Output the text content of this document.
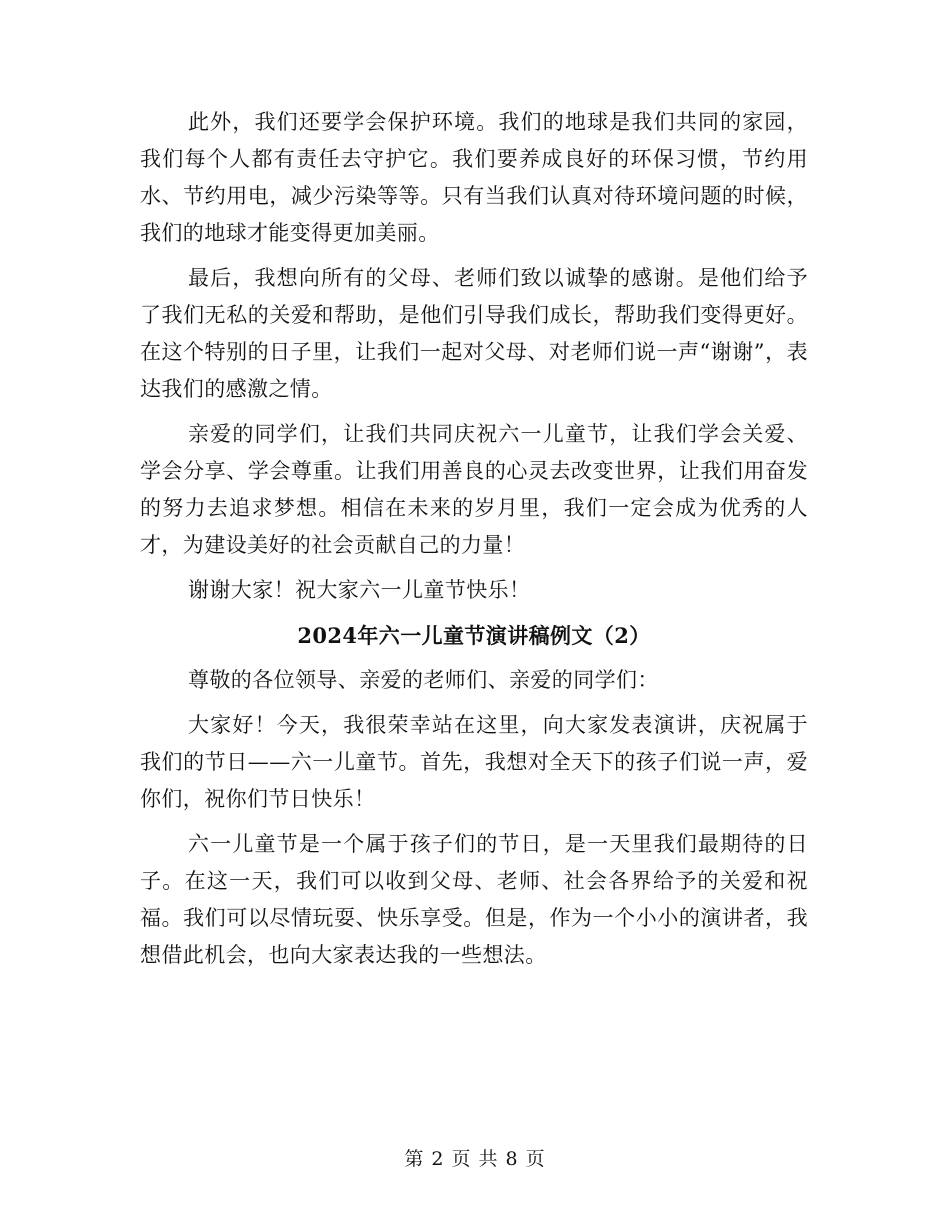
此外，我们还要学会保护环境。我们的地球是我们共同的家园，我们每个人都有责任去守护它。我们要养成良好的环保习惯，节约用水、节约用电，减少污染等等。只有当我们认真对待环境问题的时候，我们的地球才能变得更加美丽。

最后，我想向所有的父母、老师们致以诚挚的感谢。是他们给予了我们无私的关爱和帮助，是他们引导我们成长，帮助我们变得更好。在这个特别的日子里，让我们一起对父母、对老师们说一声“谢谢”，表达我们的感激之情。

亲爱的同学们，让我们共同庆祝六一儿童节，让我们学会关爱、学会分享、学会尊重。让我们用善良的心灵去改变世界，让我们用奋发的努力去追求梦想。相信在未来的岁月里，我们一定会成为优秀的人才，为建设美好的社会贡献自己的力量！

谢谢大家！祝大家六一儿童节快乐！

2024年六一儿童节演讲稿例文（2）

尊敬的各位领导、亲爱的老师们、亲爱的同学们：

大家好！今天，我很荣幸站在这里，向大家发表演讲，庆祝属于我们的节日——六一儿童节。首先，我想对全天下的孩子们说一声，爱你们，祝你们节日快乐！

六一儿童节是一个属于孩子们的节日，是一天里我们最期待的日子。在这一天，我们可以收到父母、老师、社会各界给予的关爱和祝福。我们可以尽情玩耍、快乐享受。但是，作为一个小小的演讲者，我想借此机会，也向大家表达我的一些想法。

第 2 页 共 8 页
